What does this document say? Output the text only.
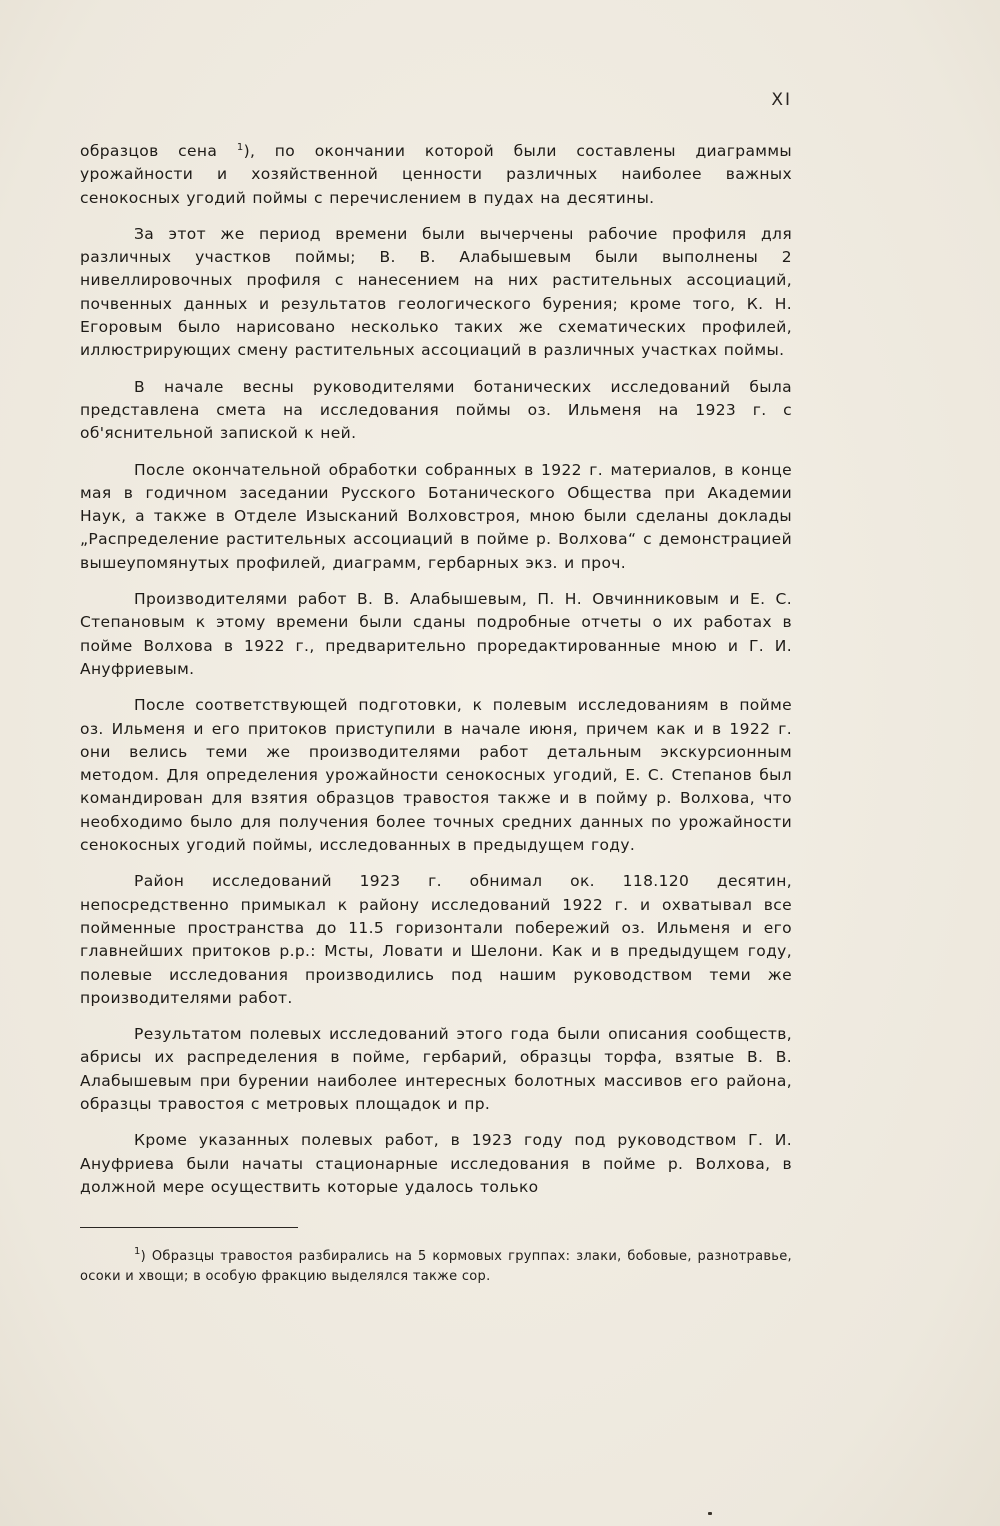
XI

образцов сена $^1$), по окончании которой были составлены диаграммы урожайности и хозяйственной ценности различных наиболее важных сенокосных угодий поймы с перечислением в пудах на десятины.

За этот же период времени были вычерчены рабочие профиля для различных участков поймы; В. В. Алабышевым были выполнены 2 нивеллировочных профиля с нанесением на них растительных ассоциаций, почвенных данных и результатов геологического бурения; кроме того, К. Н. Егоровым было нарисовано несколько таких же схематических профилей, иллюстрирующих смену растительных ассоциаций в различных участках поймы.

В начале весны руководителями ботанических исследований была представлена смета на исследования поймы оз. Ильменя на 1923 г. с об'яснительной запиской к ней.

После окончательной обработки собранных в 1922 г. материалов, в конце мая в годичном заседании Русского Ботанического Общества при Академии Наук, а также в Отделе Изысканий Волховстроя, мною были сделаны доклады „Распределение растительных ассоциаций в пойме р. Волхова“ с демонстрацией вышеупомянутых профилей, диаграмм, гербарных экз. и проч.

Производителями работ В. В. Алабышевым, П. Н. Овчинниковым и Е. С. Степановым к этому времени были сданы подробные отчеты о их работах в пойме Волхова в 1922 г., предварительно проредактированные мною и Г. И. Ануфриевым.

После соответствующей подготовки, к полевым исследованиям в пойме оз. Ильменя и его притоков приступили в начале июня, причем как и в 1922 г. они велись теми же производителями работ детальным экскурсионным методом. Для определения урожайности сенокосных угодий, Е. С. Степанов был командирован для взятия образцов травостоя также и в пойму р. Волхова, что необходимо было для получения более точных средних данных по урожайности сенокосных угодий поймы, исследованных в предыдущем году.

Район исследований 1923 г. обнимал ок. 118.120 десятин, непосредственно примыкал к району исследований 1922 г. и охватывал все пойменные пространства до 11.5 горизонтали побережий оз. Ильменя и его главнейших притоков р.р.: Мсты, Ловати и Шелони. Как и в предыдущем году, полевые исследования производились под нашим руководством теми же производителями работ.

Результатом полевых исследований этого года были описания сообществ, абрисы их распределения в пойме, гербарий, образцы торфа, взятые В. В. Алабышевым при бурении наиболее интересных болотных массивов его района, образцы травостоя с метровых площадок и пр.

Кроме указанных полевых работ, в 1923 году под руководством Г. И. Ануфриева были начаты стационарные исследования в пойме р. Волхова, в должной мере осуществить которые удалось только

$^1$) Образцы травостоя разбирались на 5 кормовых группах: злаки, бобовые, разнотравье, осоки и хвощи; в особую фракцию выделялся также сор.
